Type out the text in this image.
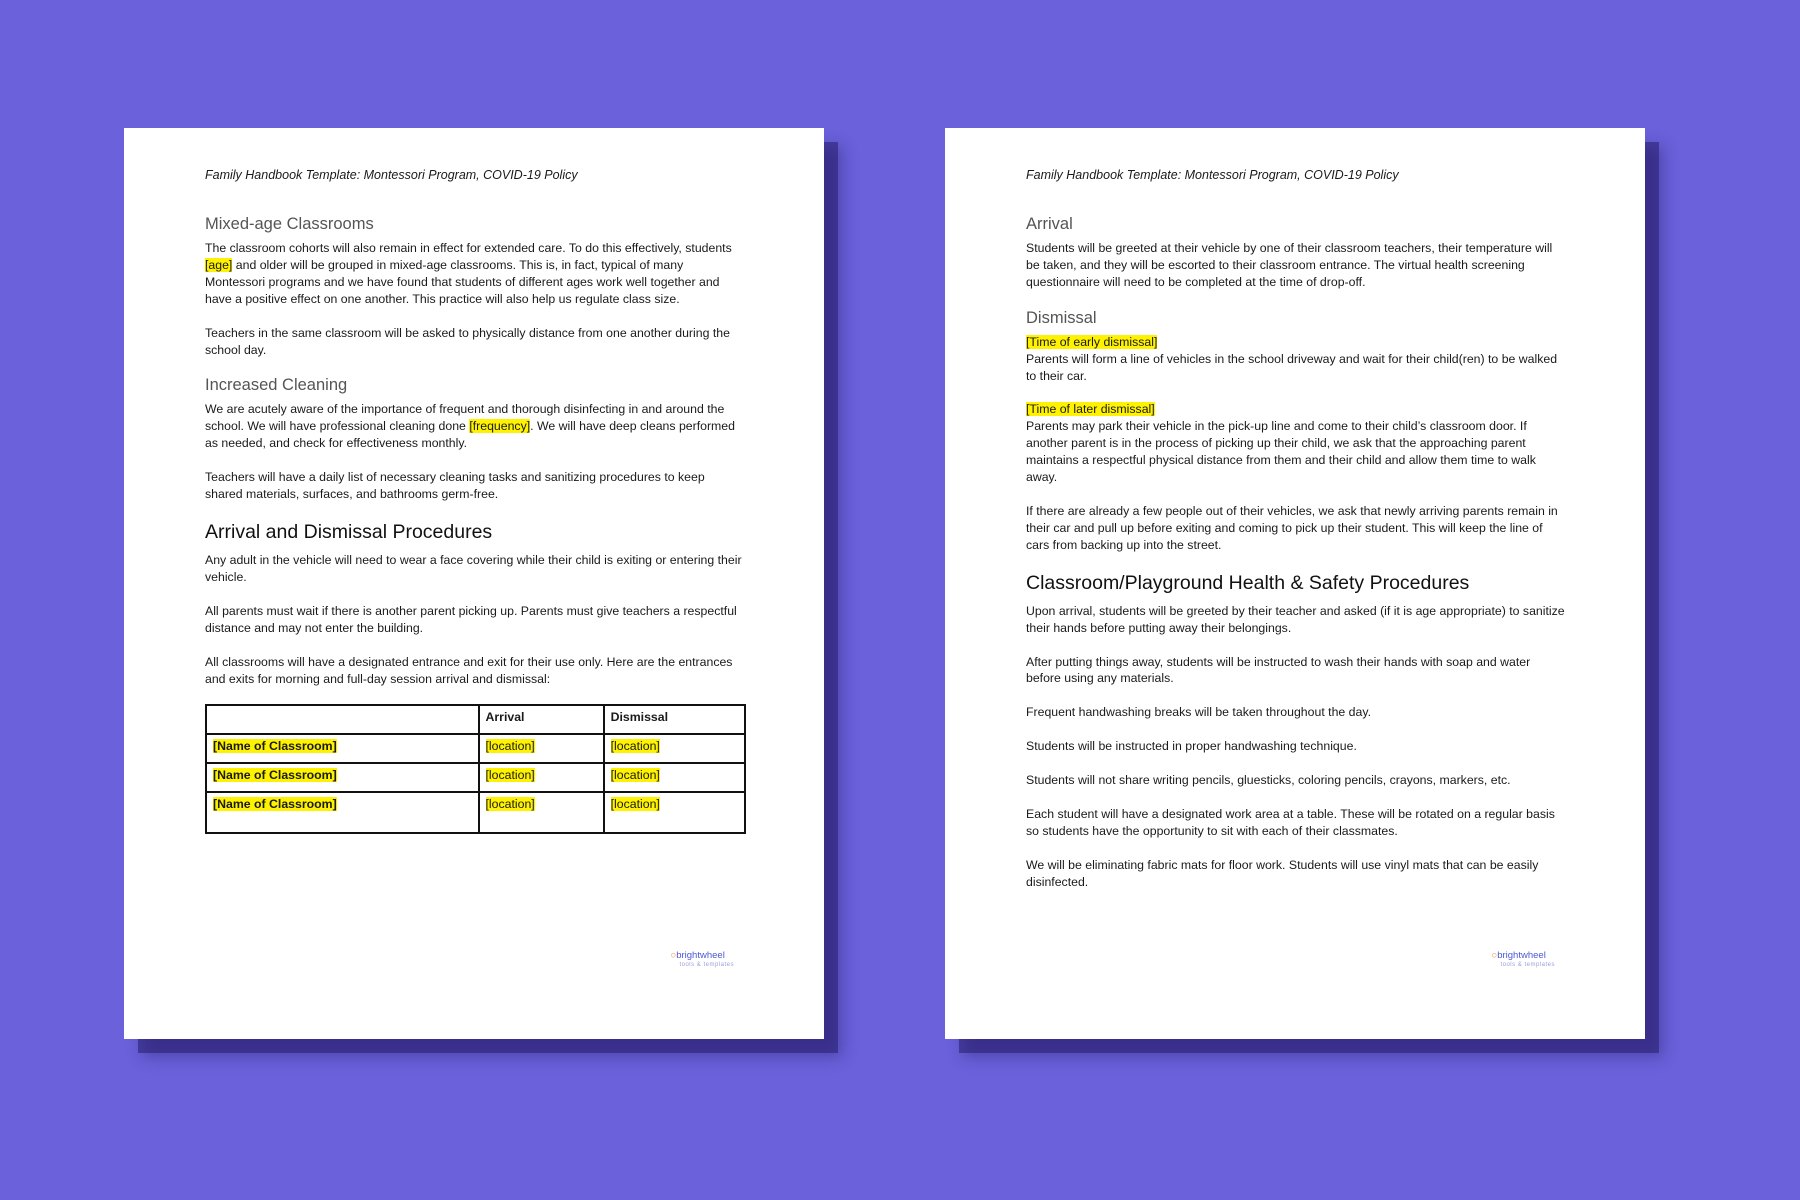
Family Handbook Template: Montessori Program, COVID-19 Policy
Mixed-age Classrooms

The classroom cohorts will also remain in effect for extended care. To do this effectively, students [age] and older will be grouped in mixed-age classrooms. This is, in fact, typical of many Montessori programs and we have found that students of different ages work well together and have a positive effect on one another. This practice will also help us regulate class size.

Teachers in the same classroom will be asked to physically distance from one another during the school day.

Increased Cleaning

We are acutely aware of the importance of frequent and thorough disinfecting in and around the school. We will have professional cleaning done [frequency]. We will have deep cleans performed as needed, and check for effectiveness monthly.

Teachers will have a daily list of necessary cleaning tasks and sanitizing procedures to keep shared materials, surfaces, and bathrooms germ-free.

Arrival and Dismissal Procedures

Any adult in the vehicle will need to wear a face covering while their child is exiting or entering their vehicle.

All parents must wait if there is another parent picking up. Parents must give teachers a respectful distance and may not enter the building.

All classrooms will have a designated entrance and exit for their use only. Here are the entrances and exits for morning and full-day session arrival and dismissal:

	Arrival	Dismissal
[Name of Classroom]	[location]	[location]
[Name of Classroom]	[location]	[location]
[Name of Classroom]	[location]	[location]
○brightwheel
tools & templates
Family Handbook Template: Montessori Program, COVID-19 Policy
Arrival

Students will be greeted at their vehicle by one of their classroom teachers, their temperature will be taken, and they will be escorted to their classroom entrance. The virtual health screening questionnaire will need to be completed at the time of drop-off.

Dismissal

[Time of early dismissal]

Parents will form a line of vehicles in the school driveway and wait for their child(ren) to be walked to their car.

[Time of later dismissal]

Parents may park their vehicle in the pick-up line and come to their child’s classroom door. If another parent is in the process of picking up their child, we ask that the approaching parent maintains a respectful physical distance from them and their child and allow them time to walk away.

If there are already a few people out of their vehicles, we ask that newly arriving parents remain in their car and pull up before exiting and coming to pick up their student. This will keep the line of cars from backing up into the street.

Classroom/Playground Health & Safety Procedures

Upon arrival, students will be greeted by their teacher and asked (if it is age appropriate) to sanitize their hands before putting away their belongings.

After putting things away, students will be instructed to wash their hands with soap and water before using any materials.

Frequent handwashing breaks will be taken throughout the day.

Students will be instructed in proper handwashing technique.

Students will not share writing pencils, gluesticks, coloring pencils, crayons, markers, etc.

Each student will have a designated work area at a table. These will be rotated on a regular basis so students have the opportunity to sit with each of their classmates.

We will be eliminating fabric mats for floor work. Students will use vinyl mats that can be easily disinfected.

○brightwheel
tools & templates
